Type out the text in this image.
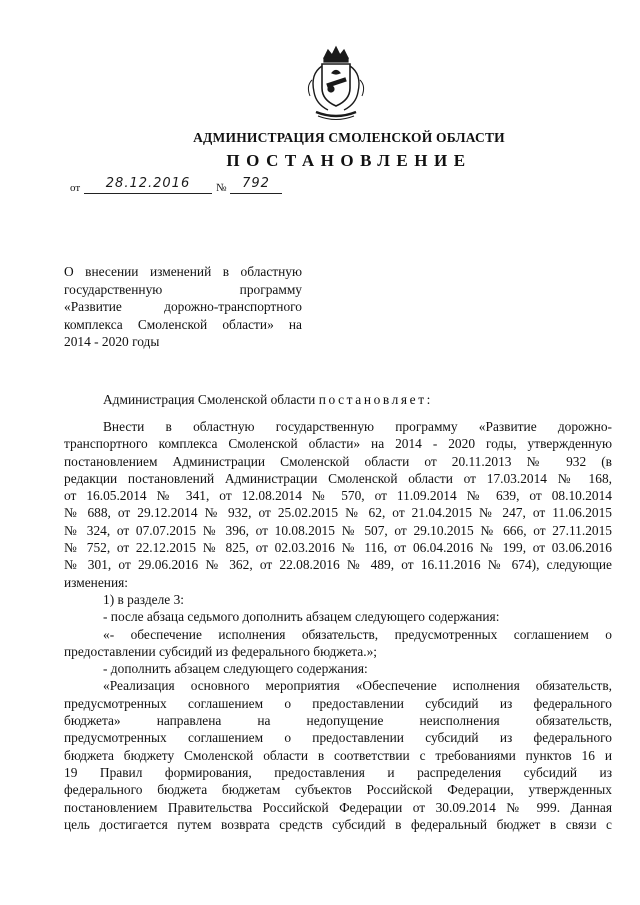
АДМИНИСТРАЦИЯ СМОЛЕНСКОЙ ОБЛАСТИ
ПОСТАНОВЛЕНИЕ
от	28.12.2016	№	792
О внесении изменений в областную
государственную программу
«Развитие дорожно-транспортного
комплекса Смоленской области» на
2014 - 2020 годы
Администрация Смоленской области постановляет:
Внести в областную государственную программу «Развитие дорожно-
транспортного комплекса Смоленской области» на 2014 - 2020 годы, утвержденную
постановлением Администрации Смоленской области от 20.11.2013 № 932 (в
редакции постановлений Администрации Смоленской области от 17.03.2014 № 168,
от 16.05.2014 № 341, от 12.08.2014 № 570, от 11.09.2014 № 639, от 08.10.2014
№ 688, от 29.12.2014 № 932, от 25.02.2015 № 62, от 21.04.2015 № 247, от 11.06.2015
№ 324, от 07.07.2015 № 396, от 10.08.2015 № 507, от 29.10.2015 № 666, от 27.11.2015
№ 752, от 22.12.2015 № 825, от 02.03.2016 № 116, от 06.04.2016 № 199, от 03.06.2016
№ 301, от 29.06.2016 № 362, от 22.08.2016 № 489, от 16.11.2016 № 674), следующие
изменения:
1) в разделе 3:
- после абзаца седьмого дополнить абзацем следующего содержания:
«- обеспечение исполнения обязательств, предусмотренных соглашением о
предоставлении субсидий из федерального бюджета.»;
- дополнить абзацем следующего содержания:
«Реализация основного мероприятия «Обеспечение исполнения обязательств,
предусмотренных соглашением о предоставлении субсидий из федерального
бюджета» направлена на недопущение неисполнения обязательств,
предусмотренных соглашением о предоставлении субсидий из федерального
бюджета бюджету Смоленской области в соответствии с требованиями пунктов 16 и
19 Правил формирования, предоставления и распределения субсидий из
федерального бюджета бюджетам субъектов Российской Федерации, утвержденных
постановлением Правительства Российской Федерации от 30.09.2014 № 999. Данная
цель достигается путем возврата средств субсидий в федеральный бюджет в связи с
